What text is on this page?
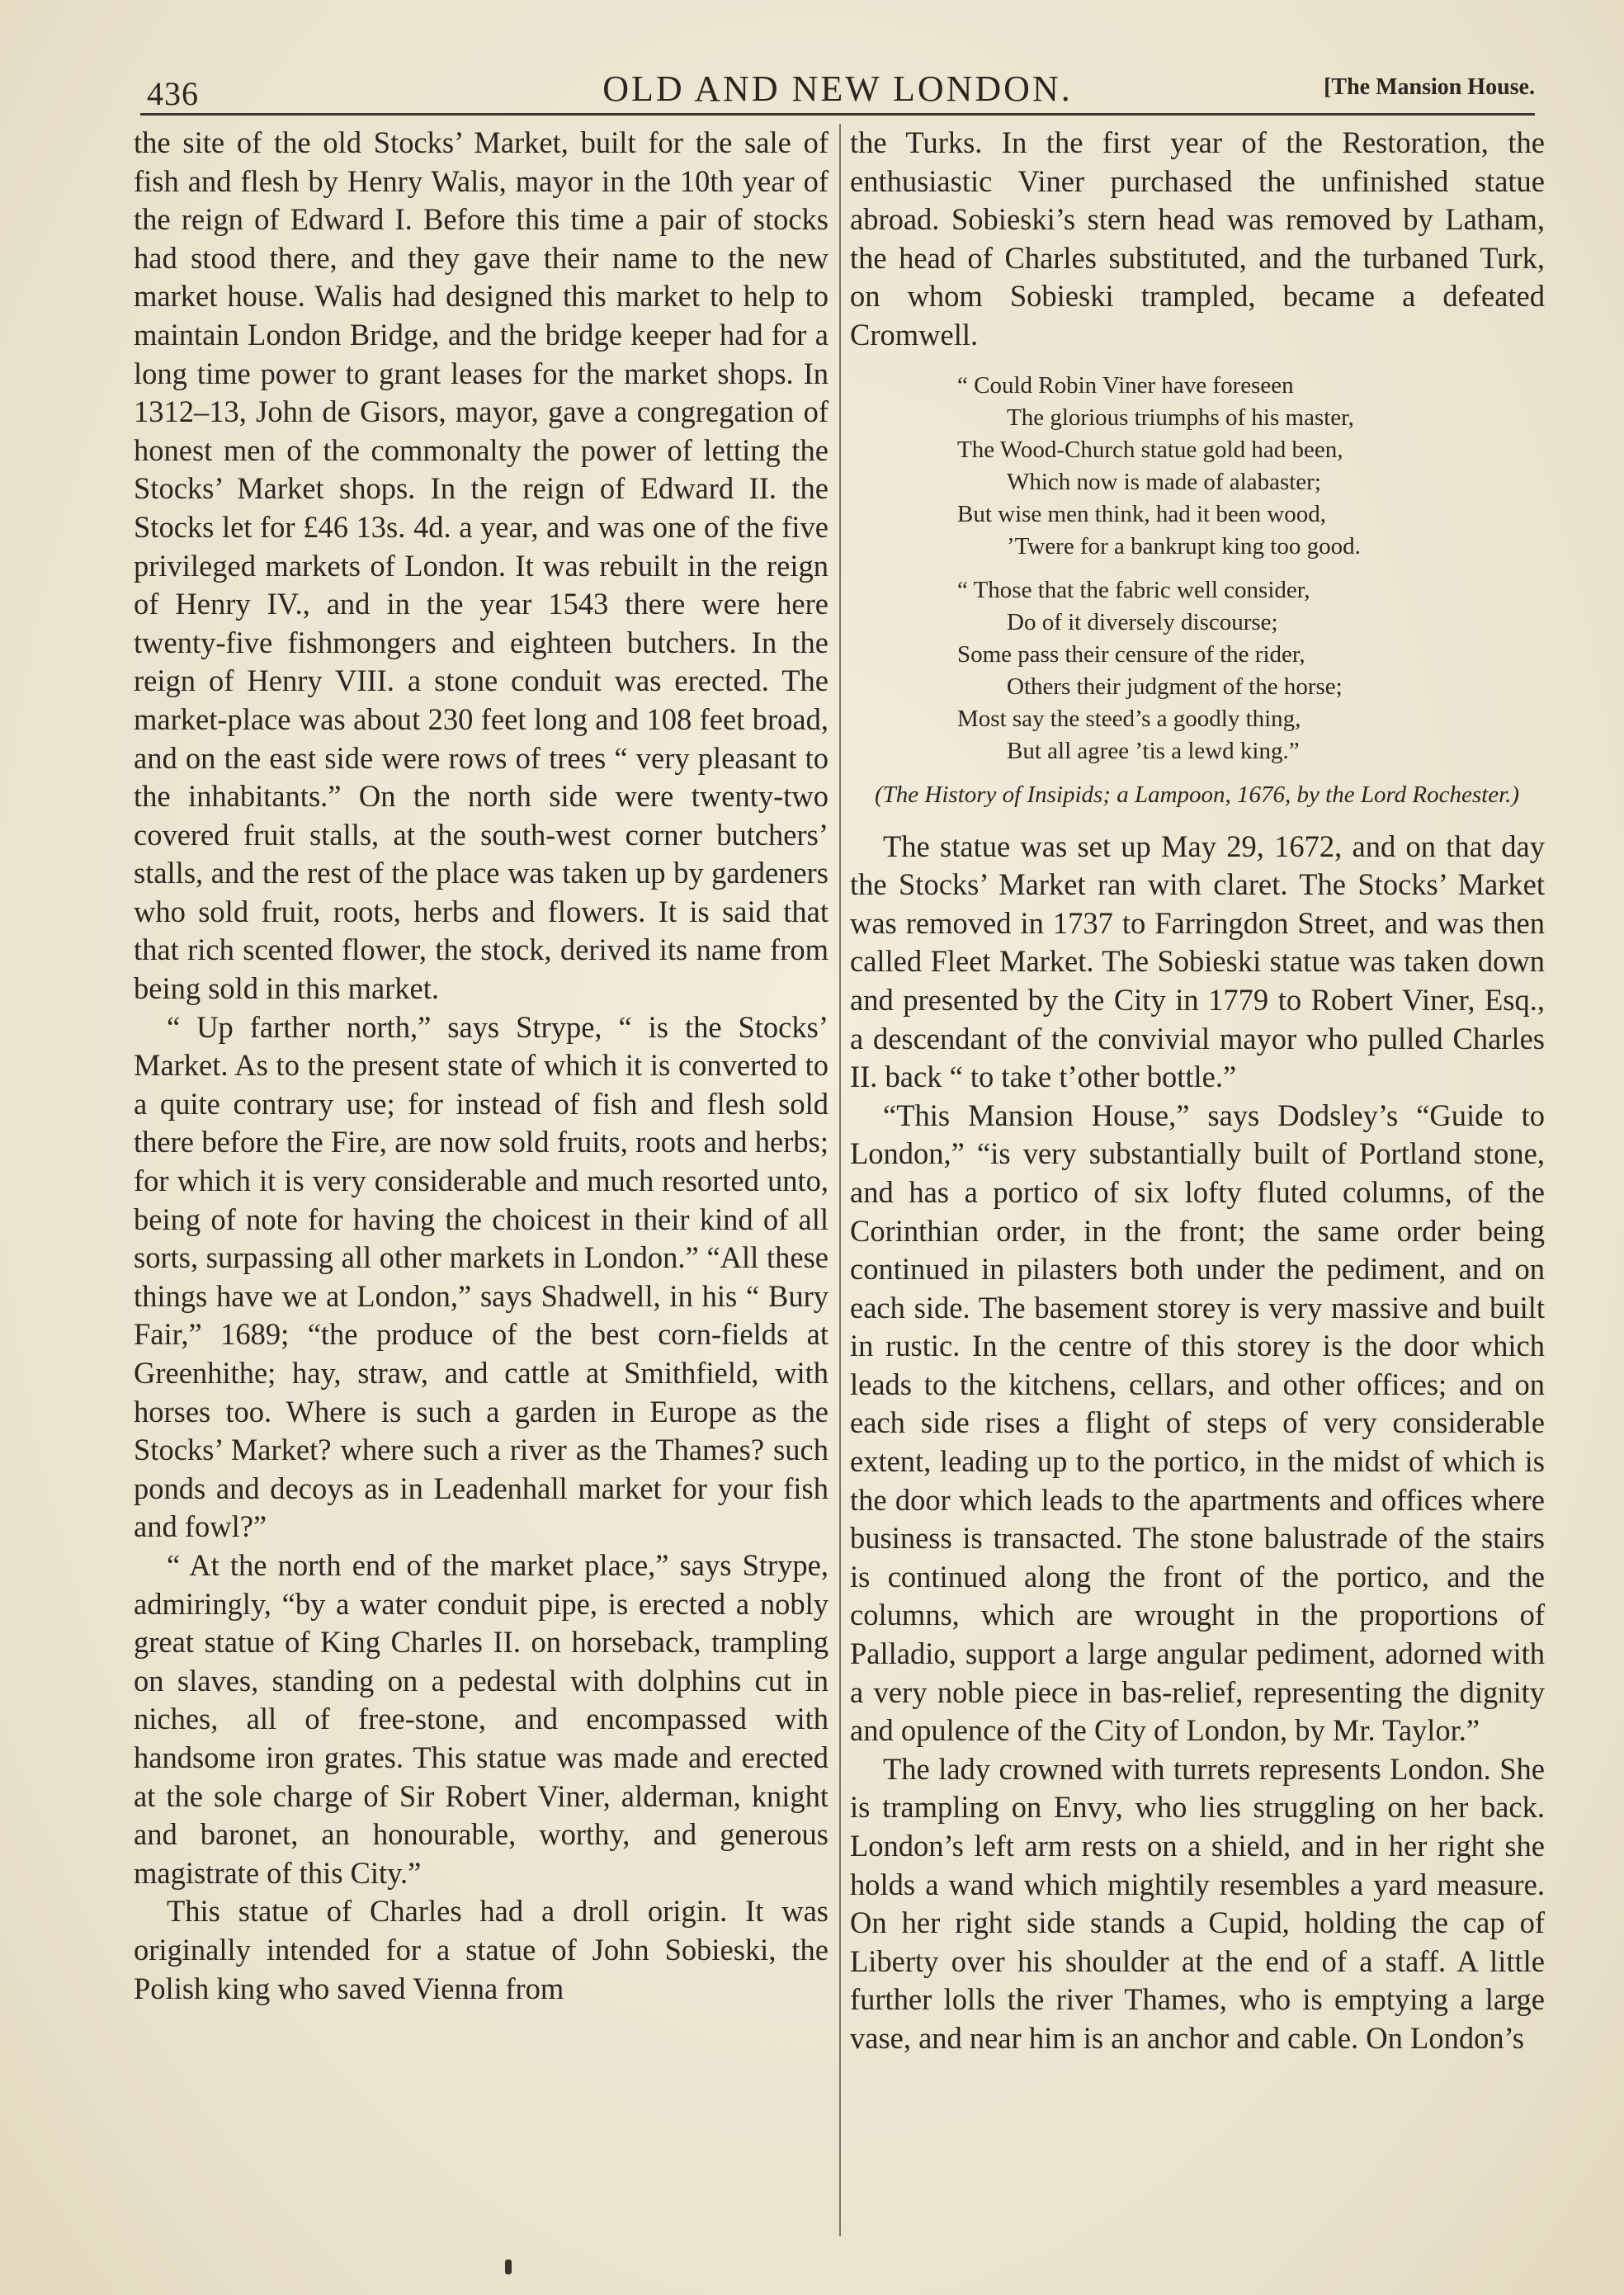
436	OLD AND NEW LONDON.	[The Mansion House.

the site of the old Stocks’ Market, built for the sale of fish and flesh by Henry Walis, mayor in the 10th year of the reign of Edward I. Before this time a pair of stocks had stood there, and they gave their name to the new market house. Walis had designed this market to help to maintain London Bridge, and the bridge keeper had for a long time power to grant leases for the market shops. In 1312–13, John de Gisors, mayor, gave a congregation of honest men of the commonalty the power of letting the Stocks’ Market shops. In the reign of Edward II. the Stocks let for £46 13s. 4d. a year, and was one of the five privileged markets of London. It was rebuilt in the reign of Henry IV., and in the year 1543 there were here twenty-five fishmongers and eighteen butchers. In the reign of Henry VIII. a stone conduit was erected. The market-place was about 230 feet long and 108 feet broad, and on the east side were rows of trees “ very pleasant to the inhabitants.” On the north side were twenty-two covered fruit stalls, at the south-west corner butchers’ stalls, and the rest of the place was taken up by gardeners who sold fruit, roots, herbs and flowers. It is said that that rich scented flower, the stock, derived its name from being sold in this market.

“ Up farther north,” says Strype, “ is the Stocks’ Market. As to the present state of which it is converted to a quite contrary use; for instead of fish and flesh sold there before the Fire, are now sold fruits, roots and herbs; for which it is very considerable and much resorted unto, being of note for having the choicest in their kind of all sorts, surpassing all other markets in London.” “All these things have we at London,” says Shadwell, in his “ Bury Fair,” 1689; “the produce of the best corn-fields at Greenhithe; hay, straw, and cattle at Smithfield, with horses too. Where is such a garden in Europe as the Stocks’ Market? where such a river as the Thames? such ponds and decoys as in Leadenhall market for your fish and fowl?”

“ At the north end of the market place,” says Strype, admiringly, “by a water conduit pipe, is erected a nobly great statue of King Charles II. on horseback, trampling on slaves, standing on a pedestal with dolphins cut in niches, all of free-stone, and encompassed with handsome iron grates. This statue was made and erected at the sole charge of Sir Robert Viner, alderman, knight and baronet, an honourable, worthy, and generous magistrate of this City.”

This statue of Charles had a droll origin. It was originally intended for a statue of John Sobieski, the Polish king who saved Vienna from

the Turks. In the first year of the Restoration, the enthusiastic Viner purchased the unfinished statue abroad. Sobieski’s stern head was removed by Latham, the head of Charles substituted, and the turbaned Turk, on whom Sobieski trampled, became a defeated Cromwell.

“ Could Robin Viner have foreseen
The glorious triumphs of his master,
The Wood-Church statue gold had been,
Which now is made of alabaster;
But wise men think, had it been wood,
’Twere for a bankrupt king too good.
“ Those that the fabric well consider,
Do of it diversely discourse;
Some pass their censure of the rider,
Others their judgment of the horse;
Most say the steed’s a goodly thing,
But all agree ’tis a lewd king.”
(The History of Insipids; a Lampoon, 1676, by the Lord Rochester.)

The statue was set up May 29, 1672, and on that day the Stocks’ Market ran with claret. The Stocks’ Market was removed in 1737 to Farringdon Street, and was then called Fleet Market. The Sobieski statue was taken down and presented by the City in 1779 to Robert Viner, Esq., a descendant of the convivial mayor who pulled Charles II. back “ to take t’other bottle.”

“This Mansion House,” says Dodsley’s “Guide to London,” “is very substantially built of Portland stone, and has a portico of six lofty fluted columns, of the Corinthian order, in the front; the same order being continued in pilasters both under the pediment, and on each side. The basement storey is very massive and built in rustic. In the centre of this storey is the door which leads to the kitchens, cellars, and other offices; and on each side rises a flight of steps of very considerable extent, leading up to the portico, in the midst of which is the door which leads to the apartments and offices where business is transacted. The stone balustrade of the stairs is continued along the front of the portico, and the columns, which are wrought in the proportions of Palladio, support a large angular pediment, adorned with a very noble piece in bas-relief, representing the dignity and opulence of the City of London, by Mr. Taylor.”

The lady crowned with turrets represents London. She is trampling on Envy, who lies struggling on her back. London’s left arm rests on a shield, and in her right she holds a wand which mightily resembles a yard measure. On her right side stands a Cupid, holding the cap of Liberty over his shoulder at the end of a staff. A little further lolls the river Thames, who is emptying a large vase, and near him is an anchor and cable. On London’s
